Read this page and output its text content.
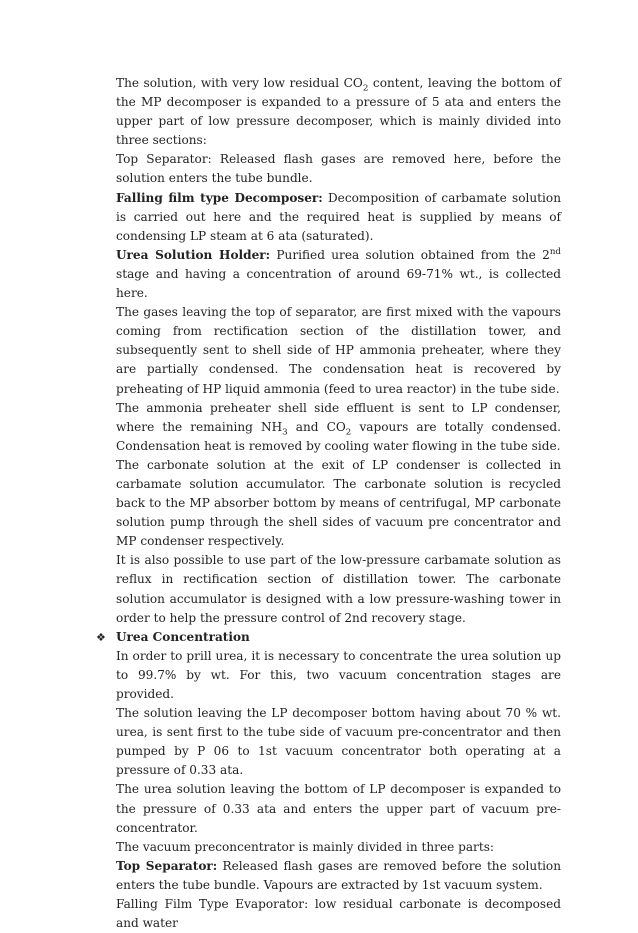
The solution, with very low residual $CO_2$ content, leaving the bottom of the MP decomposer is expanded to a pressure of 5 ata and enters the upper part of low pressure decomposer, which is mainly divided into three sections:

Top Separator: Released flash gases are removed here, before the solution enters the tube bundle.

Falling film type Decomposer: Decomposition of carbamate solution is carried out here and the required heat is supplied by means of condensing LP steam at 6 ata (saturated).

Urea Solution Holder: Purified urea solution obtained from the 2nd stage and having a concentration of around 69-71% wt., is collected here.

The gases leaving the top of separator, are first mixed with the vapours coming from rectification section of the distillation tower, and subsequently sent to shell side of HP ammonia preheater, where they are partially condensed. The condensation heat is recovered by preheating of HP liquid ammonia (feed to urea reactor) in the tube side.

The ammonia preheater shell side effluent is sent to LP condenser, where the remaining $NH_3$ and $CO_2$ vapours are totally condensed. Condensation heat is removed by cooling water flowing in the tube side.

The carbonate solution at the exit of LP condenser is collected in carbamate solution accumulator. The carbonate solution is recycled back to the MP absorber bottom by means of centrifugal, MP carbonate solution pump through the shell sides of vacuum pre concentrator and MP condenser respectively.

It is also possible to use part of the low-pressure carbamate solution as reflux in rectification section of distillation tower. The carbonate solution accumulator is designed with a low pressure-washing tower in order to help the pressure control of 2nd recovery stage.

❖ Urea Concentration

In order to prill urea, it is necessary to concentrate the urea solution up to 99.7% by wt. For this, two vacuum concentration stages are provided.

The solution leaving the LP decomposer bottom having about 70 % wt. urea, is sent first to the tube side of vacuum pre-concentrator and then pumped by P 06 to 1st vacuum concentrator both operating at a pressure of 0.33 ata.

The urea solution leaving the bottom of LP decomposer is expanded to the pressure of 0.33 ata and enters the upper part of vacuum pre-concentrator.

The vacuum preconcentrator is mainly divided in three parts:

Top Separator: Released flash gases are removed before the solution enters the tube bundle. Vapours are extracted by 1st vacuum system.

Falling Film Type Evaporator: low residual carbonate is decomposed and water
